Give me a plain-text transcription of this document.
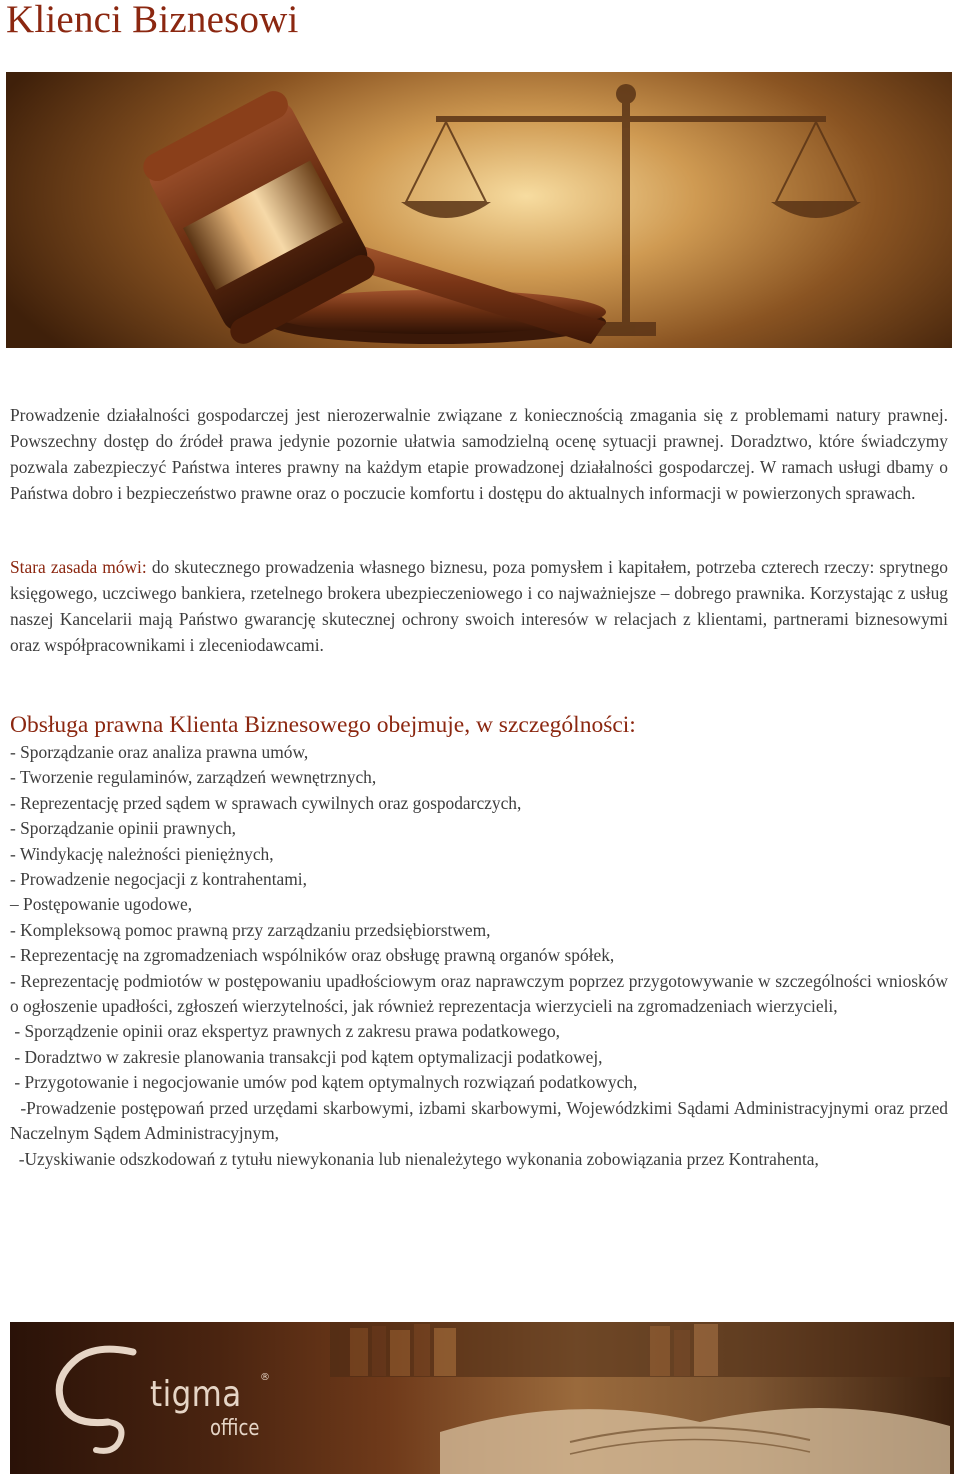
Klienci Biznesowi
Prowadzenie działalności gospodarczej jest nierozerwalnie związane z koniecznością zmagania się z problemami natury prawnej. Powszechny dostęp do źródeł prawa jedynie pozornie ułatwia samodzielną ocenę sytuacji prawnej. Doradztwo, które świadczymy pozwala zabezpieczyć Państwa interes prawny na każdym etapie prowadzonej działalności gospodarczej. W ramach usługi dbamy o Państwa dobro i bezpieczeństwo prawne oraz o poczucie komfortu i dostępu do aktualnych informacji w powierzonych sprawach.
Stara zasada mówi: do skutecznego prowadzenia własnego biznesu, poza pomysłem i kapitałem, potrzeba czterech rzeczy: sprytnego księgowego, uczciwego bankiera, rzetelnego brokera ubezpieczeniowego i co najważniejsze – dobrego prawnika. Korzystając z usług naszej Kancelarii mają Państwo gwarancję skutecznej ochrony swoich interesów w relacjach z klientami, partnerami biznesowymi oraz współpracownikami i zleceniodawcami.
Obsługa prawna Klienta Biznesowego obejmuje, w szczególności:
- Sporządzanie oraz analiza prawna umów,
- Tworzenie regulaminów, zarządzeń wewnętrznych,
- Reprezentację przed sądem w sprawach cywilnych oraz gospodarczych,
- Sporządzanie opinii prawnych,
- Windykację należności pieniężnych,
- Prowadzenie negocjacji z kontrahentami,
– Postępowanie ugodowe,
- Kompleksową pomoc prawną przy zarządzaniu przedsiębiorstwem,
- Reprezentację na zgromadzeniach wspólników oraz obsługę prawną organów spółek,
- Reprezentację podmiotów w postępowaniu upadłościowym oraz naprawczym poprzez przygotowywanie w szczególności wniosków o ogłoszenie upadłości, zgłoszeń wierzytelności, jak również reprezentacja wierzycieli na zgromadzeniach wierzycieli,
- Sporządzenie opinii oraz ekspertyz prawnych z zakresu prawa podatkowego,
- Doradztwo w zakresie planowania transakcji pod kątem optymalizacji podatkowej,
- Przygotowanie i negocjowanie umów pod kątem optymalnych rozwiązań podatkowych,
-Prowadzenie postępowań przed urzędami skarbowymi, izbami skarbowymi, Wojewódzkimi Sądami Administracyjnymi oraz przed Naczelnym Sądem Administracyjnym,
-Uzyskiwanie odszkodowań z tytułu niewykonania lub nienależytego wykonania zobowiązania przez Kontrahenta,
tigma ®
office
